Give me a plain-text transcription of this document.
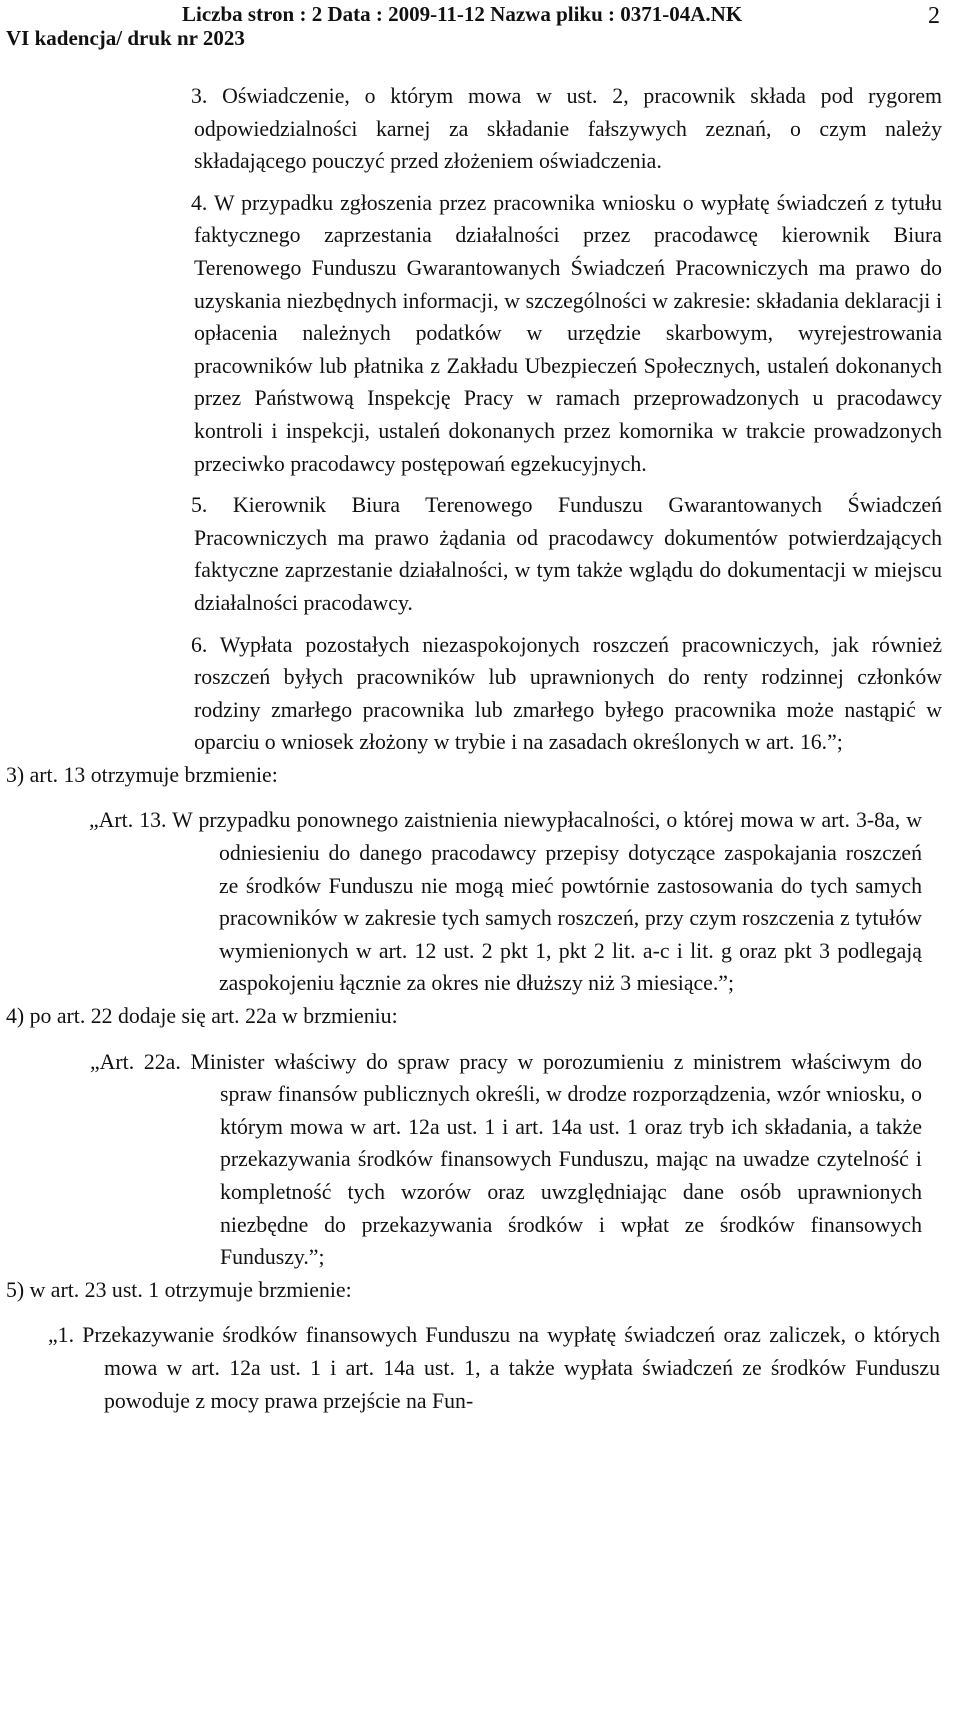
Liczba stron : 2 Data : 2009-11-12 Nazwa pliku : 0371-04A.NK
VI kadencja/ druk nr 2023
2

3. Oświadczenie, o którym mowa w ust. 2, pracownik składa pod rygorem odpowiedzialności karnej za składanie fałszywych zeznań, o czym należy składającego pouczyć przed złożeniem oświadczenia.

4. W przypadku zgłoszenia przez pracownika wniosku o wypłatę świadczeń z tytułu faktycznego zaprzestania działalności przez pracodawcę kierownik Biura Terenowego Funduszu Gwarantowanych Świadczeń Pracowniczych ma prawo do uzyskania niezbędnych informacji, w szczególności w zakresie: składania deklaracji i opłacenia należnych podatków w urzędzie skarbowym, wyrejestrowania pracowników lub płatnika z Zakładu Ubezpieczeń Społecznych, ustaleń dokonanych przez Państwową Inspekcję Pracy w ramach przeprowadzonych u pracodawcy kontroli i inspekcji, ustaleń dokonanych przez komornika w trakcie prowadzonych przeciwko pracodawcy postępowań egzekucyjnych.

5. Kierownik Biura Terenowego Funduszu Gwarantowanych Świadczeń Pracowniczych ma prawo żądania od pracodawcy dokumentów potwierdzających faktyczne zaprzestanie działalności, w tym także wglądu do dokumentacji w miejscu działalności pracodawcy.

6. Wypłata pozostałych niezaspokojonych roszczeń pracowniczych, jak również roszczeń byłych pracowników lub uprawnionych do renty rodzinnej członków rodziny zmarłego pracownika lub zmarłego byłego pracownika może nastąpić w oparciu o wniosek złożony w trybie i na zasadach określonych w art. 16.”;

3) art. 13 otrzymuje brzmienie:

„Art. 13. W przypadku ponownego zaistnienia niewypłacalności, o której mowa w art. 3-8a, w odniesieniu do danego pracodawcy przepisy dotyczące zaspokajania roszczeń ze środków Funduszu nie mogą mieć powtórnie zastosowania do tych samych pracowników w zakresie tych samych roszczeń, przy czym roszczenia z tytułów wymienionych w art. 12 ust. 2 pkt 1, pkt 2 lit. a-c i lit. g oraz pkt 3 podlegają zaspokojeniu łącznie za okres nie dłuższy niż 3 miesiące.”;

4) po art. 22 dodaje się art. 22a w brzmieniu:

„Art. 22a. Minister właściwy do spraw pracy w porozumieniu z ministrem właściwym do spraw finansów publicznych określi, w drodze rozporządzenia, wzór wniosku, o którym mowa w art. 12a ust. 1 i art. 14a ust. 1 oraz tryb ich składania, a także przekazywania środków finansowych Funduszu, mając na uwadze czytelność i kompletność tych wzorów oraz uwzględniając dane osób uprawnionych niezbędne do przekazywania środków i wpłat ze środków finansowych Funduszy.”;

5) w art. 23 ust. 1 otrzymuje brzmienie:

„1. Przekazywanie środków finansowych Funduszu na wypłatę świadczeń oraz zaliczek, o których mowa w art. 12a ust. 1 i art. 14a ust. 1, a także wypłata świadczeń ze środków Funduszu powoduje z mocy prawa przejście na Fun-
